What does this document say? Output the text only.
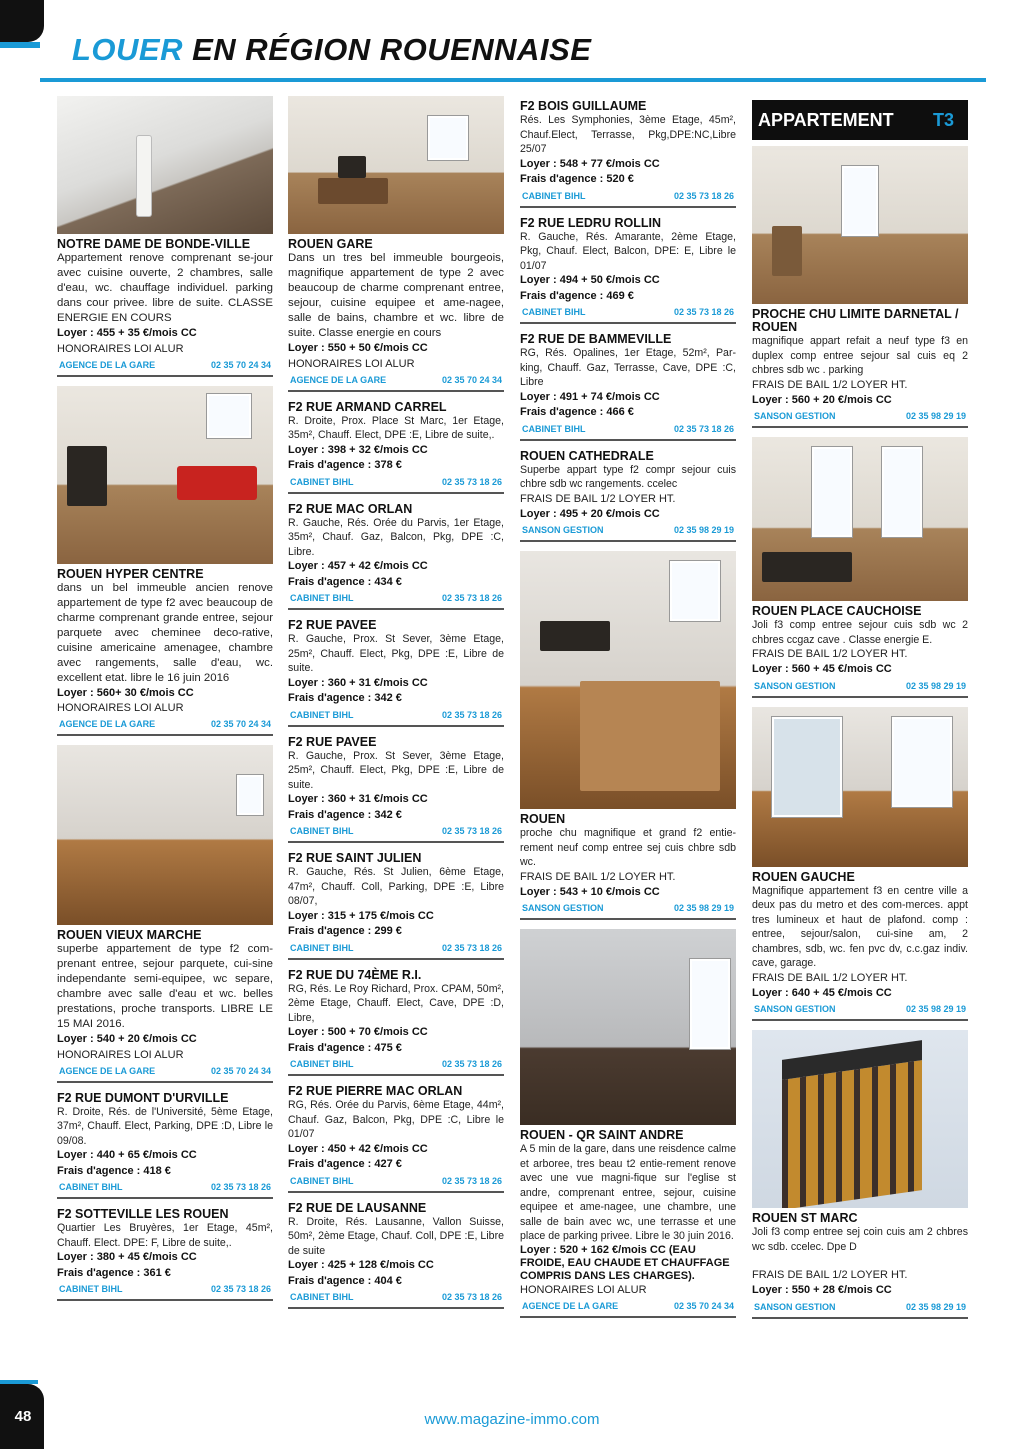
LOUER EN RÉGION ROUENNAISE
NOTRE DAME DE BONDE-VILLE
Appartement renove comprenant se-jour avec cuisine ouverte, 2 chambres, salle d'eau, wc. chauffage individuel. parking dans cour privee. libre de suite. CLASSE ENERGIE EN COURS
Loyer : 455 + 35 €/mois CC
HONORAIRES LOI ALUR
AGENCE DE LA GARE	02 35 70 24 34
ROUEN HYPER CENTRE
dans un bel immeuble ancien renove appartement de type f2 avec beaucoup de charme comprenant grande entree, sejour parquete avec cheminee deco-rative, cuisine americaine amenagee, chambre avec rangements, salle d'eau, wc. excellent etat. libre le 16 juin 2016
Loyer : 560+ 30 €/mois CC
HONORAIRES LOI ALUR
AGENCE DE LA GARE	02 35 70 24 34
ROUEN VIEUX MARCHE
superbe appartement de type f2 com-prenant entree, sejour parquete, cui-sine independante semi-equipee, wc separe, chambre avec salle d'eau et wc. belles prestations, proche transports. LIBRE LE 15 MAI 2016.
Loyer : 540 + 20 €/mois CC
HONORAIRES LOI ALUR
AGENCE DE LA GARE	02 35 70 24 34
F2 RUE DUMONT D'URVILLE
R. Droite, Rés. de l'Université, 5ème Etage, 37m², Chauff. Elect, Parking, DPE :D, Libre le 09/08.
Loyer : 440 + 65 €/mois CC
Frais d'agence : 418 €
CABINET BIHL	02 35 73 18 26
F2 SOTTEVILLE LES ROUEN
Quartier Les Bruyères, 1er Etage, 45m², Chauff. Elect. DPE: F, Libre de suite,.
Loyer : 380 + 45 €/mois CC
Frais d'agence : 361 €
CABINET BIHL	02 35 73 18 26
ROUEN GARE
Dans un tres bel immeuble bourgeois, magnifique appartement de type 2 avec beaucoup de charme comprenant entree, sejour, cuisine equipee et ame-nagee, salle de bains, chambre et wc. libre de suite. Classe energie en cours
Loyer : 550 + 50 €/mois CC
HONORAIRES LOI ALUR
AGENCE DE LA GARE	02 35 70 24 34
F2 RUE ARMAND CARREL
R. Droite, Prox. Place St Marc, 1er Etage, 35m², Chauff. Elect, DPE :E, Libre de suite,.
Loyer : 398 + 32 €/mois CC
Frais d'agence : 378 €
CABINET BIHL	02 35 73 18 26
F2 RUE MAC ORLAN
R. Gauche, Rés. Orée du Parvis, 1er Etage, 35m², Chauf. Gaz, Balcon, Pkg, DPE :C, Libre.
Loyer : 457 + 42 €/mois CC
Frais d'agence : 434 €
CABINET BIHL	02 35 73 18 26
F2 RUE PAVEE
R. Gauche, Prox. St Sever, 3ème Etage, 25m², Chauff. Elect, Pkg, DPE :E, Libre de suite.
Loyer : 360 + 31 €/mois CC
Frais d'agence : 342 €
CABINET BIHL	02 35 73 18 26
F2 RUE PAVEE
R. Gauche, Prox. St Sever, 3ème Etage, 25m², Chauff. Elect, Pkg, DPE :E, Libre de suite.
Loyer : 360 + 31 €/mois CC
Frais d'agence : 342 €
CABINET BIHL	02 35 73 18 26
F2 RUE SAINT JULIEN
R. Gauche, Rés. St Julien, 6ème Etage, 47m², Chauff. Coll, Parking, DPE :E, Libre 08/07,
Loyer : 315 + 175 €/mois CC
Frais d'agence : 299 €
CABINET BIHL	02 35 73 18 26
F2 RUE DU 74ÈME R.I.
RG, Rés. Le Roy Richard, Prox. CPAM, 50m², 2ème Etage, Chauff. Elect, Cave, DPE :D, Libre,
Loyer : 500 + 70 €/mois CC
Frais d'agence : 475 €
CABINET BIHL	02 35 73 18 26
F2 RUE PIERRE MAC ORLAN
RG, Rés. Orée du Parvis, 6ème Etage, 44m², Chauf. Gaz, Balcon, Pkg, DPE :C, Libre le 01/07
Loyer : 450 + 42 €/mois CC
Frais d'agence : 427 €
CABINET BIHL	02 35 73 18 26
F2 RUE DE LAUSANNE
R. Droite, Rés. Lausanne, Vallon Suisse, 50m², 2ème Etage, Chauf. Coll, DPE :E, Libre de suite
Loyer : 425 + 128 €/mois CC
Frais d'agence : 404 €
CABINET BIHL	02 35 73 18 26
F2 BOIS GUILLAUME
Rés. Les Symphonies, 3ème Etage, 45m², Chauf.Elect, Terrasse, Pkg,DPE:NC,Libre 25/07
Loyer : 548 + 77 €/mois CC
Frais d'agence : 520 €
CABINET BIHL	02 35 73 18 26
F2 RUE LEDRU ROLLIN
R. Gauche, Rés. Amarante, 2ème Etage, Pkg, Chauf. Elect, Balcon, DPE: E, Libre le 01/07
Loyer : 494 + 50 €/mois CC
Frais d'agence : 469 €
CABINET BIHL	02 35 73 18 26
F2 RUE DE BAMMEVILLE
RG, Rés. Opalines, 1er Etage, 52m², Par-king, Chauff. Gaz, Terrasse, Cave, DPE :C, Libre
Loyer : 491 + 74 €/mois CC
Frais d'agence : 466 €
CABINET BIHL	02 35 73 18 26
ROUEN CATHEDRALE
Superbe appart type f2 compr sejour cuis chbre sdb wc rangements. ccelec
FRAIS DE BAIL 1/2 LOYER HT.
Loyer : 495 + 20 €/mois CC
SANSON GESTION	02 35 98 29 19
ROUEN
proche chu magnifique et grand f2 entie-rement neuf comp entree sej cuis chbre sdb wc.
FRAIS DE BAIL 1/2 LOYER HT.
Loyer : 543 + 10 €/mois CC
SANSON GESTION	02 35 98 29 19
ROUEN - QR SAINT ANDRE
A 5 min de la gare, dans une reisdence calme et arboree, tres beau t2 entie-rement renove avec une vue magni-fique sur l'eglise st andre, comprenant entree, sejour, cuisine equipee et ame-nagee, une chambre, une salle de bain avec wc, une terrasse et une place de parking privee. Libre le 30 juin 2016.
Loyer : 520 + 162 €/mois CC (EAU FROIDE, EAU CHAUDE ET CHAUFFAGE COMPRIS DANS LES CHARGES).
HONORAIRES LOI ALUR
AGENCE DE LA GARE	02 35 70 24 34
APPARTEMENT T3
PROCHE CHU LIMITE DARNETAL / ROUEN
magnifique appart refait a neuf type f3 en duplex comp entree sejour sal cuis eq 2 chbres sdb wc . parking
FRAIS DE BAIL 1/2 LOYER HT.
Loyer : 560 + 20 €/mois CC
SANSON GESTION	02 35 98 29 19
ROUEN PLACE CAUCHOISE
Joli f3 comp entree sejour cuis sdb wc 2 chbres ccgaz cave . Classe energie E.
FRAIS DE BAIL 1/2 LOYER HT.
Loyer : 560 + 45 €/mois CC
SANSON GESTION	02 35 98 29 19
ROUEN GAUCHE
Magnifique appartement f3 en centre ville a deux pas du metro et des com-merces. appt tres lumineux et haut de plafond. comp : entree, sejour/salon, cui-sine am, 2 chambres, sdb, wc. fen pvc dv, c.c.gaz indiv. cave, garage.
FRAIS DE BAIL 1/2 LOYER HT.
Loyer : 640 + 45 €/mois CC
SANSON GESTION	02 35 98 29 19
ROUEN ST MARC
Joli f3 comp entree sej coin cuis am 2 chbres wc sdb. ccelec. Dpe D
FRAIS DE BAIL 1/2 LOYER HT.
Loyer : 550 + 28 €/mois CC
SANSON GESTION	02 35 98 29 19
48	www.magazine-immo.com
